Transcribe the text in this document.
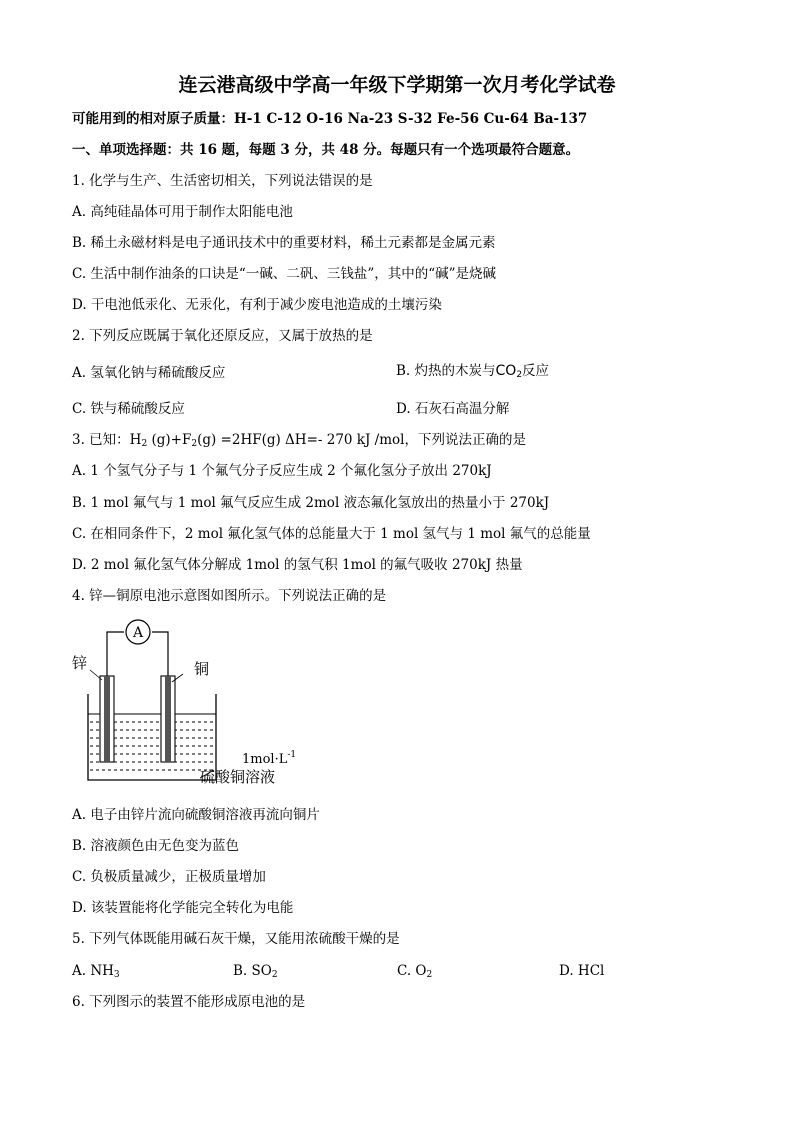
连云港高级中学高一年级下学期第一次月考化学试卷
可能用到的相对原子质量：H-1 C-12 O-16 Na-23 S-32 Fe-56 Cu-64 Ba-137
一、单项选择题：共 16 题，每题 3 分，共 48 分。每题只有一个选项最符合题意。
1. 化学与生产、生活密切相关，下列说法错误的是
A. 高纯硅晶体可用于制作太阳能电池
B. 稀土永磁材料是电子通讯技术中的重要材料，稀土元素都是金属元素
C. 生活中制作油条的口诀是“一碱、二矾、三钱盐”，其中的“碱”是烧碱
D. 干电池低汞化、无汞化，有利于减少废电池造成的土壤污染
2. 下列反应既属于氧化还原反应，又属于放热的是
A. 氢氧化钠与稀硫酸反应	B. 灼热的木炭与$CO_2$反应
C. 铁与稀硫酸反应	D. 石灰石高温分解
3. 已知：$H_2$ $(g)+F_2(g) =2HF(g)$ ΔH=- 270 kJ /mol，下列说法正确的是
A. 1 个氢气分子与 1 个氟气分子反应生成 2 个氟化氢分子放出 270kJ
B. 1 mol 氟气与 1 mol 氟气反应生成 2mol 液态氟化氢放出的热量小于 270kJ
C. 在相同条件下，2 mol 氟化氢气体的总能量大于 1 mol 氢气与 1 mol 氟气的总能量
D. 2 mol 氟化氢气体分解成 1mol 的氢气积 1mol 的氟气吸收 270kJ 热量
4. 锌—铜原电池示意图如图所示。下列说法正确的是
A
锌	铜
$1mol\cdot L^{-1}$
硫酸铜溶液
A. 电子由锌片流向硫酸铜溶液再流向铜片
B. 溶液颜色由无色变为蓝色
C. 负极质量减少，正极质量增加
D. 该装置能将化学能完全转化为电能
5. 下列气体既能用碱石灰干燥，又能用浓硫酸干燥的是
A. $NH_3$	B. $SO_2$	C. $O_2$	D. HCl
6. 下列图示的装置不能形成原电池的是
